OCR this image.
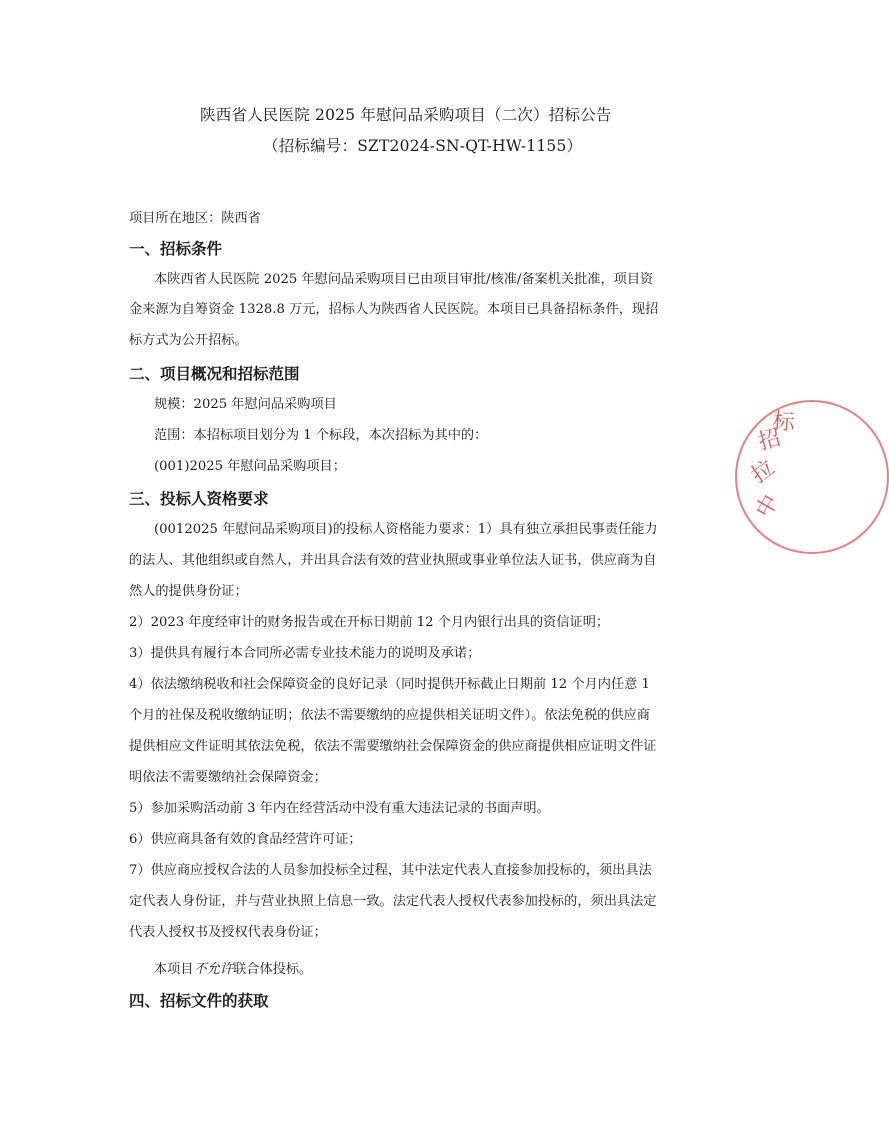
陕西省人民医院 2025 年慰问品采购项目（二次）招标公告
（招标编号：SZT2024-SN-QT-HW-1155）
项目所在地区：陕西省
一、招标条件
本陕西省人民医院 2025 年慰问品采购项目已由项目审批/核准/备案机关批准，项目资
金来源为自筹资金 1328.8 万元，招标人为陕西省人民医院。本项目已具备招标条件，现招
标方式为公开招标。
二、项目概况和招标范围
规模：2025 年慰问品采购项目
范围：本招标项目划分为 1 个标段，本次招标为其中的：
(001)2025 年慰问品采购项目；
三、投标人资格要求
(0012025 年慰问品采购项目)的投标人资格能力要求：1）具有独立承担民事责任能力
的法人、其他组织或自然人，并出具合法有效的营业执照或事业单位法人证书，供应商为自
然人的提供身份证；
2）2023 年度经审计的财务报告或在开标日期前 12 个月内银行出具的资信证明；
3）提供具有履行本合同所必需专业技术能力的说明及承诺；
4）依法缴纳税收和社会保障资金的良好记录（同时提供开标截止日期前 12 个月内任意 1
个月的社保及税收缴纳证明；依法不需要缴纳的应提供相关证明文件）。依法免税的供应商
提供相应文件证明其依法免税，依法不需要缴纳社会保障资金的供应商提供相应证明文件证
明依法不需要缴纳社会保障资金；
5）参加采购活动前 3 年内在经营活动中没有重大违法记录的书面声明。
6）供应商具备有效的食品经营许可证；
7）供应商应授权合法的人员参加投标全过程，其中法定代表人直接参加投标的，须出具法
定代表人身份证，并与营业执照上信息一致。法定代表人授权代表参加投标的，须出具法定
代表人授权书及授权代表身份证；
本项目不允许联合体投标。
四、招标文件的获取
中
拉
招
标
